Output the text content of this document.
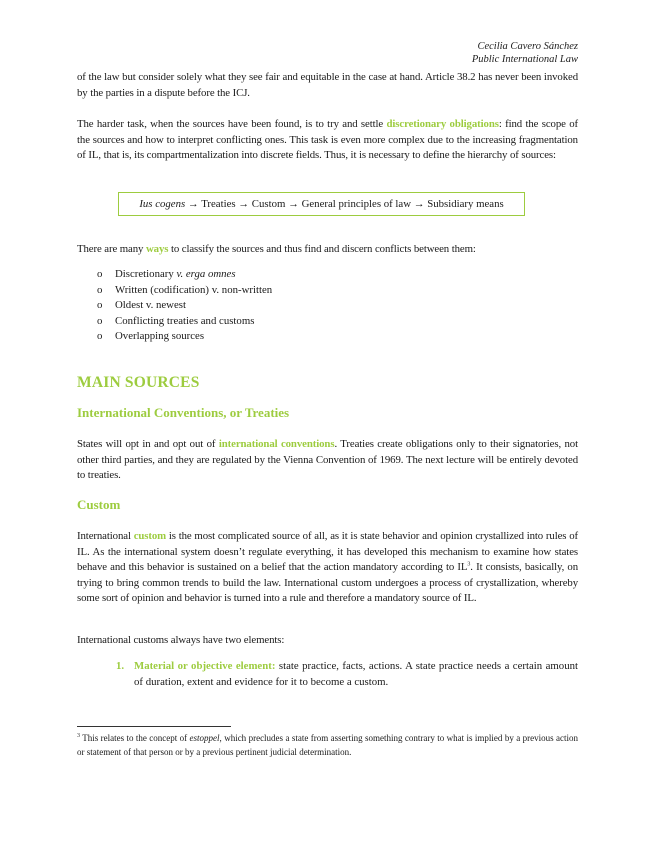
Cecilia Cavero Sánchez
Public International Law

of the law but consider solely what they see fair and equitable in the case at hand. Article 38.2 has never been invoked by the parties in a dispute before the ICJ.

The harder task, when the sources have been found, is to try and settle discretionary obligations: find the scope of the sources and how to interpret conflicting ones. This task is even more complex due to the increasing fragmentation of IL, that is, its compartmentalization into discrete fields. Thus, it is necessary to define the hierarchy of sources:

Ius cogens → Treaties → Custom → General principles of law → Subsidiary means

There are many ways to classify the sources and thus find and discern conflicts between them:

o	Discretionary v. erga omnes
o	Written (codification) v. non-written
o	Oldest v. newest
o	Conflicting treaties and customs
o	Overlapping sources
MAIN SOURCES
International Conventions, or Treaties

States will opt in and opt out of international conventions. Treaties create obligations only to their signatories, not other third parties, and they are regulated by the Vienna Convention of 1969. The next lecture will be entirely devoted to treaties.

Custom

International custom is the most complicated source of all, as it is state behavior and opinion crystallized into rules of IL. As the international system doesn’t regulate everything, it has developed this mechanism to examine how states behave and this behavior is sustained on a belief that the action mandatory according to $IL^3$. It consists, basically, on trying to bring common trends to build the law. International custom undergoes a process of crystallization, whereby some sort of opinion and behavior is turned into a rule and therefore a mandatory source of IL.

International customs always have two elements:

1. Material or objective element: state practice, facts, actions. A state practice needs a certain amount of duration, extent and evidence for it to become a custom.

$^3$ This relates to the concept of estoppel, which precludes a state from asserting something contrary to what is implied by a previous action or statement of that person or by a previous pertinent judicial determination.
